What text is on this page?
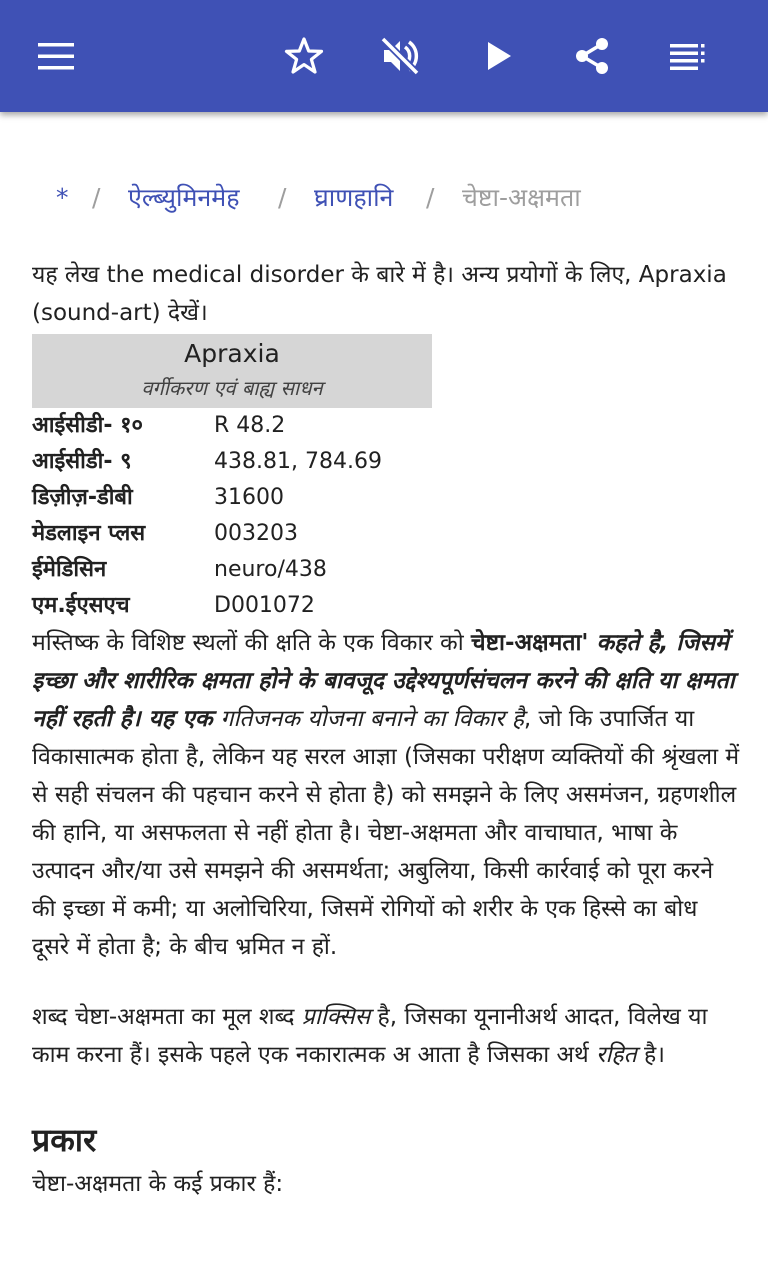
* / ऐल्ब्युमिनमेह / घ्राणहानि / चेष्टा-अक्षमता
यह लेख the medical disorder के बारे में है। अन्य प्रयोगों के लिए, Apraxia (sound-art) देखें।
Apraxia
वर्गीकरण एवं बाह्य साधन
आईसीडी- १०	R 48.2
आईसीडी- ९	438.81, 784.69
डिज़ीज़-डीबी	31600
मेडलाइन प्लस	003203
ईमेडिसिन	neuro/438
एम.ईएसएच	D001072

मस्तिष्क के विशिष्ट स्थलों की क्षति के एक विकार को चेष्टा-अक्षमता' कहते है, जिसमें इच्छा और शारीरिक क्षमता होने के बावजूद उद्देश्यपूर्णसंचलन करने की क्षति या क्षमता नहीं रहती है। यह एक गतिजनक योजना बनाने का विकार है, जो कि उपार्जित या विकासात्मक होता है, लेकिन यह सरल आज्ञा (जिसका परीक्षण व्यक्तियों की श्रृंखला में से सही संचलन की पहचान करने से होता है) को समझने के लिए असमंजन, ग्रहणशील की हानि, या असफलता से नहीं होता है। चेष्टा-अक्षमता और वाचाघात, भाषा के उत्पादन और/या उसे समझने की असमर्थता; अबुलिया, किसी कार्रवाई को पूरा करने की इच्छा में कमी; या अलोचिरिया, जिसमें रोगियों को शरीर के एक हिस्से का बोध दूसरे में होता है; के बीच भ्रमित न हों.

शब्द चेष्टा-अक्षमता का मूल शब्द प्राक्सिस है, जिसका यूनानीअर्थ आदत, विलेख या काम करना हैं। इसके पहले एक नकारात्मक अ आता है जिसका अर्थ रहित है।

प्रकार

चेष्टा-अक्षमता के कई प्रकार हैं:
